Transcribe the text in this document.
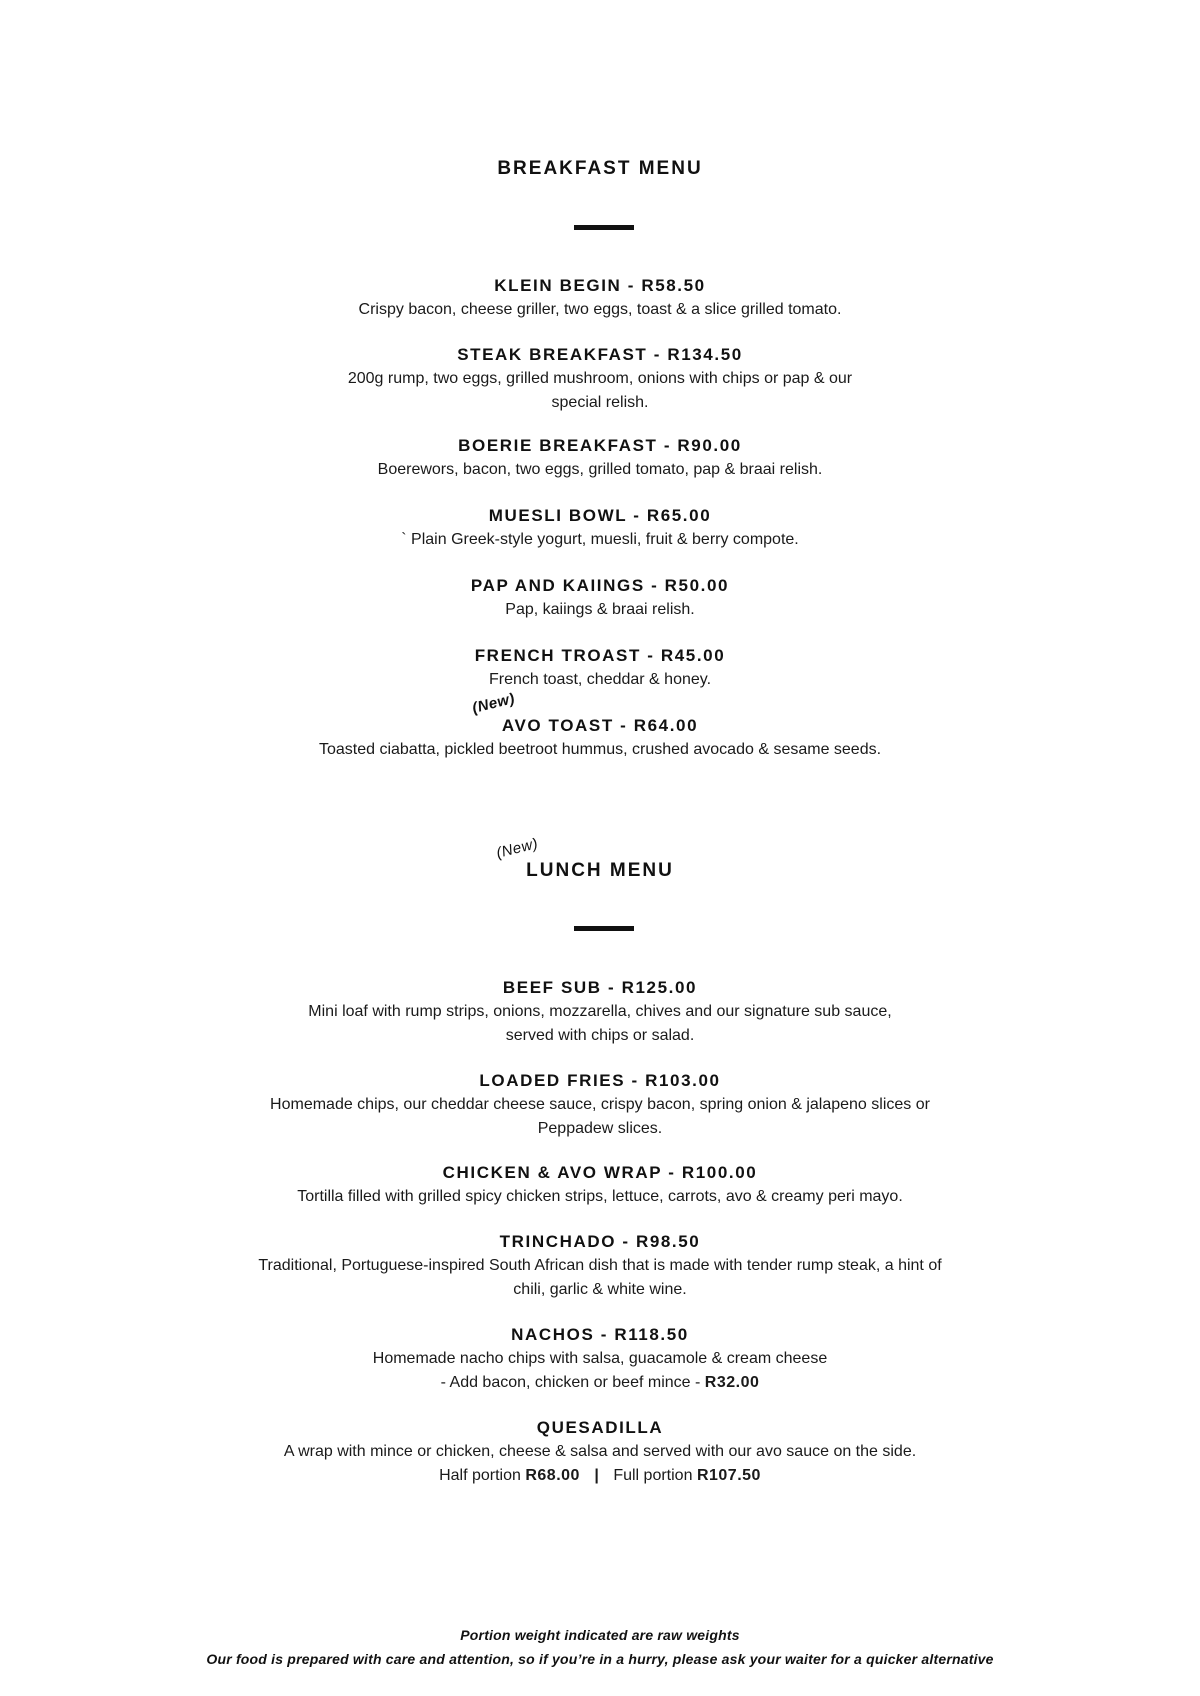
BREAKFAST MENU
KLEIN BEGIN - R58.50
Crispy bacon, cheese griller, two eggs, toast & a slice grilled tomato.
STEAK BREAKFAST - R134.50
200g rump, two eggs, grilled mushroom, onions with chips or pap & our
special relish.
BOERIE BREAKFAST - R90.00
Boerewors, bacon, two eggs, grilled tomato, pap & braai relish.
MUESLI BOWL - R65.00
` Plain Greek-style yogurt, muesli, fruit & berry compote.
PAP AND KAIINGS - R50.00
Pap, kaiings & braai relish.
FRENCH TROAST - R45.00
French toast, cheddar & honey.
(New)
AVO TOAST - R64.00
Toasted ciabatta, pickled beetroot hummus, crushed avocado & sesame seeds.
(New)
LUNCH MENU
BEEF SUB - R125.00
Mini loaf with rump strips, onions, mozzarella, chives and our signature sub sauce,
served with chips or salad.
LOADED FRIES - R103.00
Homemade chips, our cheddar cheese sauce, crispy bacon, spring onion & jalapeno slices or
Peppadew slices.
CHICKEN & AVO WRAP - R100.00
Tortilla filled with grilled spicy chicken strips, lettuce, carrots, avo & creamy peri mayo.
TRINCHADO - R98.50
Traditional, Portuguese-inspired South African dish that is made with tender rump steak, a hint of
chili, garlic & white wine.
NACHOS - R118.50
Homemade nacho chips with salsa, guacamole & cream cheese
- Add bacon, chicken or beef mince - R32.00
QUESADILLA
A wrap with mince or chicken, cheese & salsa and served with our avo sauce on the side.
Half portion R68.00 | Full portion R107.50
Portion weight indicated are raw weights
Our food is prepared with care and attention, so if you’re in a hurry, please ask your waiter for a quicker alternative
